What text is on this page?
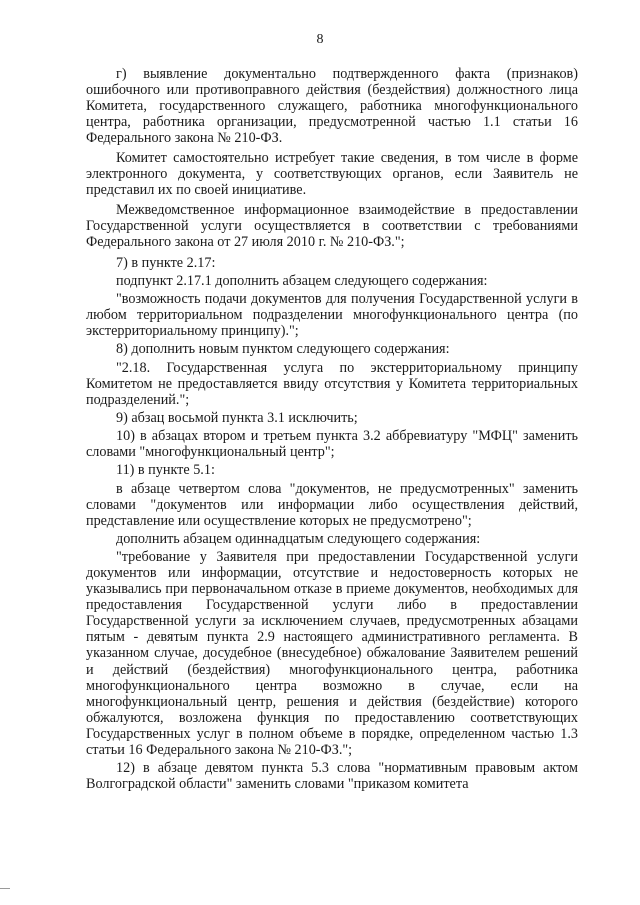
8

г) выявление документально подтвержденного факта (признаков) ошибочного или противоправного действия (бездействия) должностного лица Комитета, государственного служащего, работника многофункционального центра, работника организации, предусмотренной частью 1.1 статьи 16 Федерального закона № 210-ФЗ.

Комитет самостоятельно истребует такие сведения, в том числе в форме электронного документа, у соответствующих органов, если Заявитель не представил их по своей инициативе.

Межведомственное информационное взаимодействие в предоставлении Государственной услуги осуществляется в соответствии с требованиями Федерального закона от 27 июля 2010 г. № 210-ФЗ.";

7) в пункте 2.17:

подпункт 2.17.1 дополнить абзацем следующего содержания:

"возможность подачи документов для получения Государственной услуги в любом территориальном подразделении многофункционального центра (по экстерриториальному принципу).";

8) дополнить новым пунктом следующего содержания:

"2.18. Государственная услуга по экстерриториальному принципу Комитетом не предоставляется ввиду отсутствия у Комитета территориальных подразделений.";

9) абзац восьмой пункта 3.1 исключить;

10) в абзацах втором и третьем пункта 3.2 аббревиатуру "МФЦ" заменить словами "многофункциональный центр";

11) в пункте 5.1:

в абзаце четвертом слова "документов, не предусмотренных" заменить словами "документов или информации либо осуществления действий, представление или осуществление которых не предусмотрено";

дополнить абзацем одиннадцатым следующего содержания:

"требование у Заявителя при предоставлении Государственной услуги документов или информации, отсутствие и недостоверность которых не указывались при первоначальном отказе в приеме документов, необходимых для предоставления Государственной услуги либо в предоставлении Государственной услуги за исключением случаев, предусмотренных абзацами пятым - девятым пункта 2.9 настоящего административного регламента. В указанном случае, досудебное (внесудебное) обжалование Заявителем решений и действий (бездействия) многофункционального центра, работника многофункционального центра возможно в случае, если на многофункциональный центр, решения и действия (бездействие) которого обжалуются, возложена функция по предоставлению соответствующих Государственных услуг в полном объеме в порядке, определенном частью 1.3 статьи 16 Федерального закона № 210-ФЗ.";

12) в абзаце девятом пункта 5.3 слова "нормативным правовым актом Волгоградской области" заменить словами "приказом комитета
